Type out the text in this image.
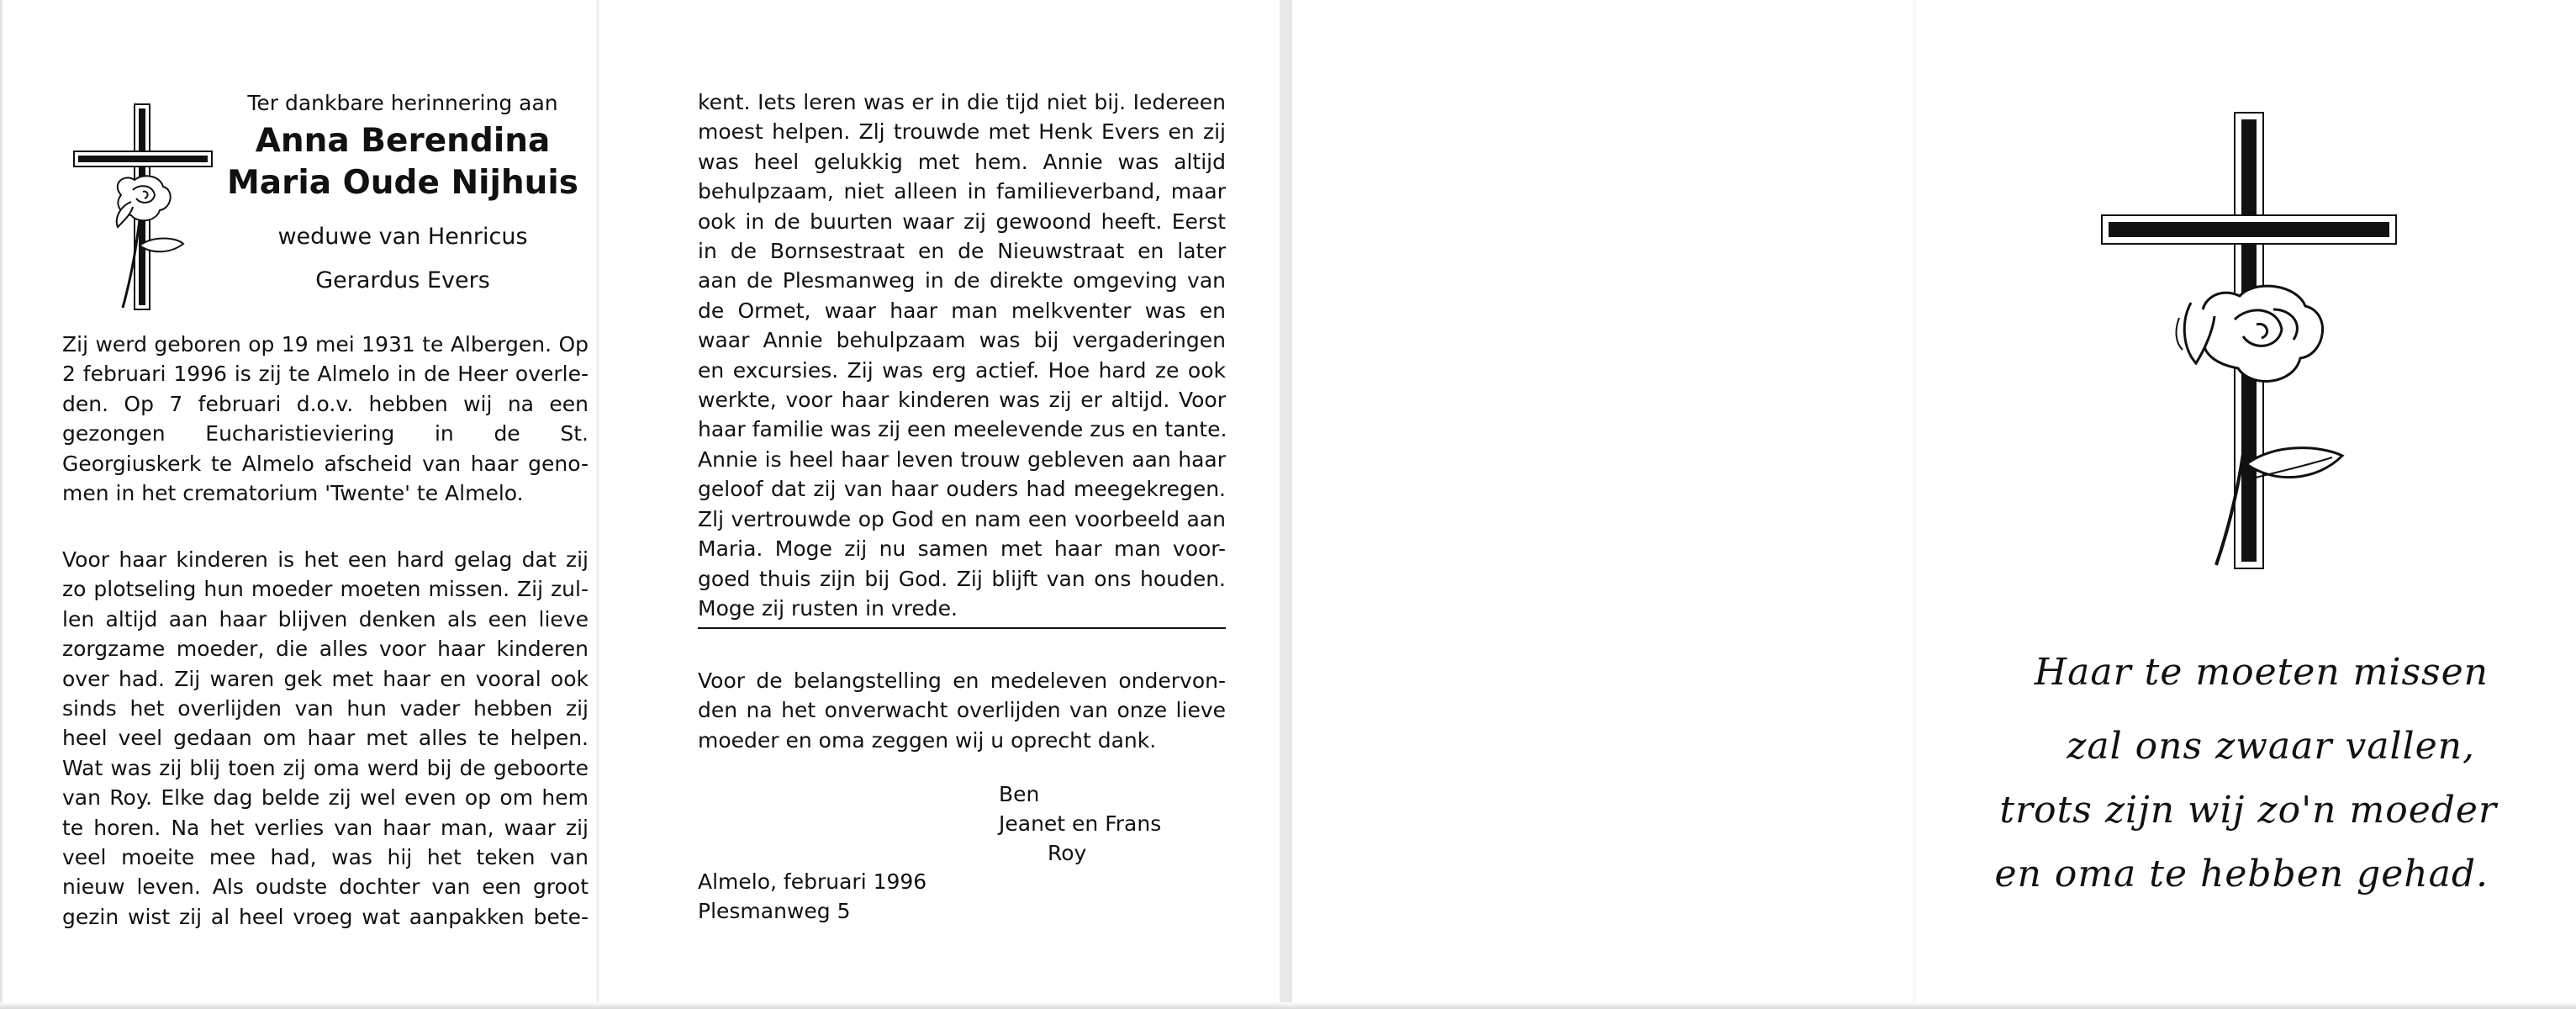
Ter dankbare herinnering aan
Anna Berendina
Maria Oude Nijhuis
weduwe van Henricus
Gerardus Evers
Zij werd geboren op 19 mei 1931 te Albergen. Op
2 februari 1996 is zij te Almelo in de Heer overle-
den. Op 7 februari d.o.v. hebben wij na een
gezongen Eucharistieviering in de St.
Georgiuskerk te Almelo afscheid van haar geno-
men in het crematorium 'Twente' te Almelo.
Voor haar kinderen is het een hard gelag dat zij
zo plotseling hun moeder moeten missen. Zij zul-
len altijd aan haar blijven denken als een lieve
zorgzame moeder, die alles voor haar kinderen
over had. Zij waren gek met haar en vooral ook
sinds het overlijden van hun vader hebben zij
heel veel gedaan om haar met alles te helpen.
Wat was zij blij toen zij oma werd bij de geboorte
van Roy. Elke dag belde zij wel even op om hem
te horen. Na het verlies van haar man, waar zij
veel moeite mee had, was hij het teken van
nieuw leven. Als oudste dochter van een groot
gezin wist zij al heel vroeg wat aanpakken bete-
kent. Iets leren was er in die tijd niet bij. Iedereen
moest helpen. Zlj trouwde met Henk Evers en zij
was heel gelukkig met hem. Annie was altijd
behulpzaam, niet alleen in familieverband, maar
ook in de buurten waar zij gewoond heeft. Eerst
in de Bornsestraat en de Nieuwstraat en later
aan de Plesmanweg in de direkte omgeving van
de Ormet, waar haar man melkventer was en
waar Annie behulpzaam was bij vergaderingen
en excursies. Zij was erg actief. Hoe hard ze ook
werkte, voor haar kinderen was zij er altijd. Voor
haar familie was zij een meelevende zus en tante.
Annie is heel haar leven trouw gebleven aan haar
geloof dat zij van haar ouders had meegekregen.
Zlj vertrouwde op God en nam een voorbeeld aan
Maria. Moge zij nu samen met haar man voor-
goed thuis zijn bij God. Zij blijft van ons houden.
Moge zij rusten in vrede.
Voor de belangstelling en medeleven ondervon-
den na het onverwacht overlijden van onze lieve
moeder en oma zeggen wij u oprecht dank.
Ben
Jeanet en Frans
Roy
Almelo, februari 1996
Plesmanweg 5
Haar te moeten missen
zal ons zwaar vallen,
trots zijn wij zo'n moeder
en oma te hebben gehad.
